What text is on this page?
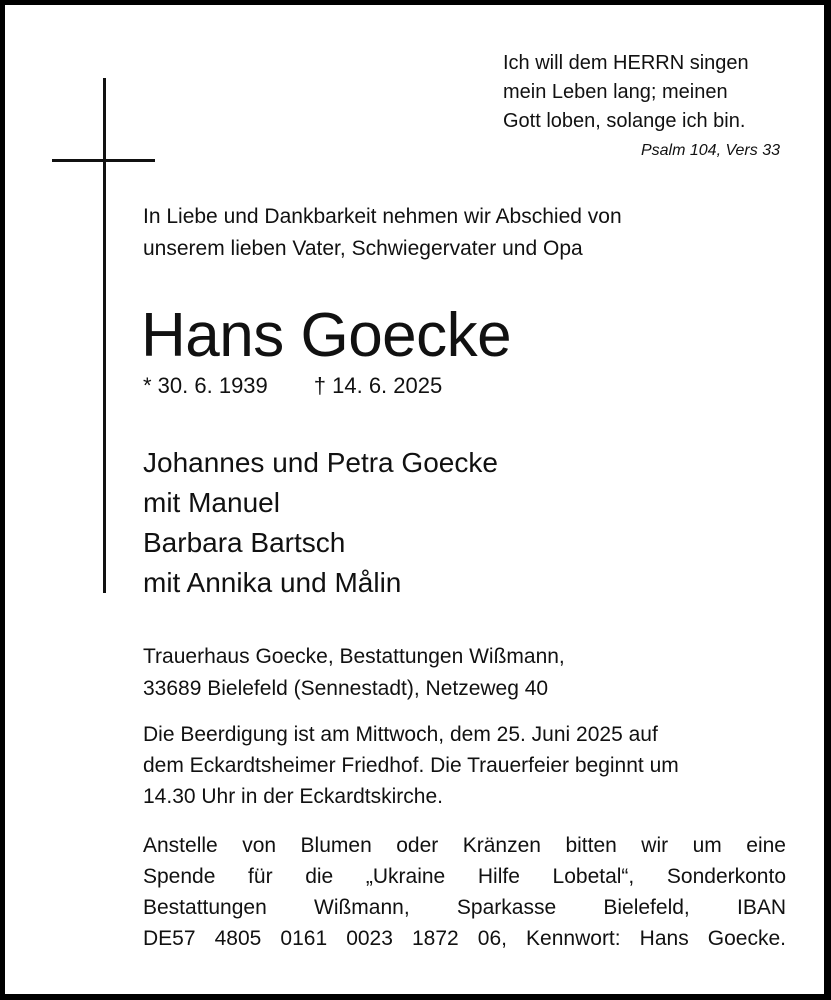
Ich will dem HERRN singen
mein Leben lang; meinen
Gott loben, solange ich bin.
Psalm 104, Vers 33
In Liebe und Dankbarkeit nehmen wir Abschied von
unserem lieben Vater, Schwiegervater und Opa
Hans Goecke
* 30. 6. 1939 † 14. 6. 2025
Johannes und Petra Goecke
mit Manuel
Barbara Bartsch
mit Annika und Målin
Trauerhaus Goecke, Bestattungen Wißmann,
33689 Bielefeld (Sennestadt), Netzeweg 40
Die Beerdigung ist am Mittwoch, dem 25. Juni 2025 auf
dem Eckardtsheimer Friedhof. Die Trauerfeier beginnt um
14.30 Uhr in der Eckardtskirche.
Anstelle von Blumen oder Kränzen bitten wir um eine
Spende für die „Ukraine Hilfe Lobetal“, Sonderkonto
Bestattungen Wißmann, Sparkasse Bielefeld, IBAN
DE57 4805 0161 0023 1872 06, Kennwort: Hans Goecke.
